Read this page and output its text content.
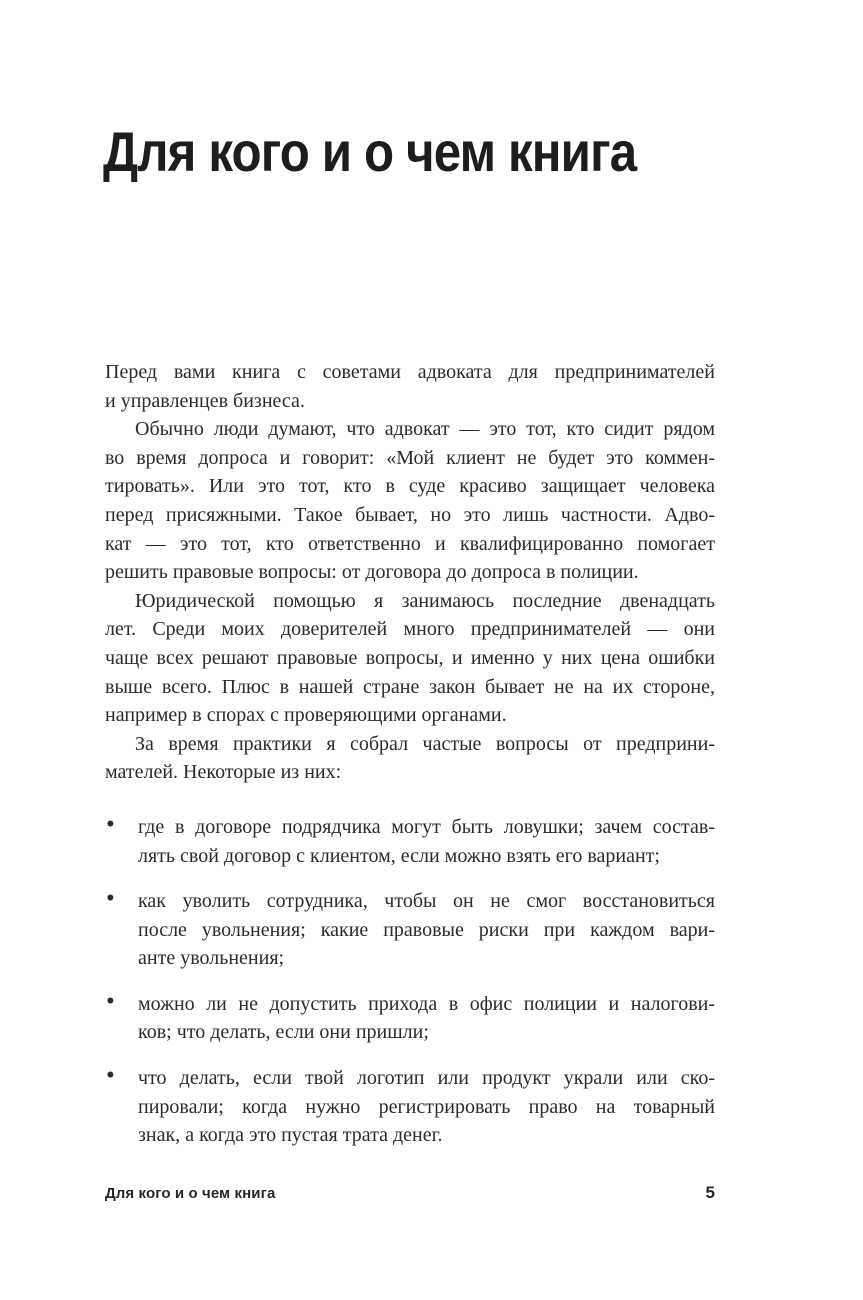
Для кого и о чем книга

Перед вами книга с советами адвоката для предпринимателей
и управленцев бизнеса.

Обычно люди думают, что адвокат — это тот, кто сидит рядом
во время допроса и говорит: «Мой клиент не будет это коммен-
тировать». Или это тот, кто в суде красиво защищает человека
перед присяжными. Такое бывает, но это лишь частности. Адво-
кат — это тот, кто ответственно и квалифицированно помогает
решить правовые вопросы: от договора до допроса в полиции.

Юридической помощью я занимаюсь последние двенадцать
лет. Среди моих доверителей много предпринимателей — они
чаще всех решают правовые вопросы, и именно у них цена ошибки
выше всего. Плюс в нашей стране закон бывает не на их стороне,
например в спорах с проверяющими органами.

За время практики я собрал частые вопросы от предприни-
мателей. Некоторые из них:

• где в договоре подрядчика могут быть ловушки; зачем состав-
лять свой договор с клиентом, если можно взять его вариант;
• как уволить сотрудника, чтобы он не смог восстановиться
после увольнения; какие правовые риски при каждом вари-
анте увольнения;
• можно ли не допустить прихода в офис полиции и налогови-
ков; что делать, если они пришли;
• что делать, если твой логотип или продукт украли или ско-
пировали; когда нужно регистрировать право на товарный
знак, а когда это пустая трата денег.
Для кого и о чем книга	5
